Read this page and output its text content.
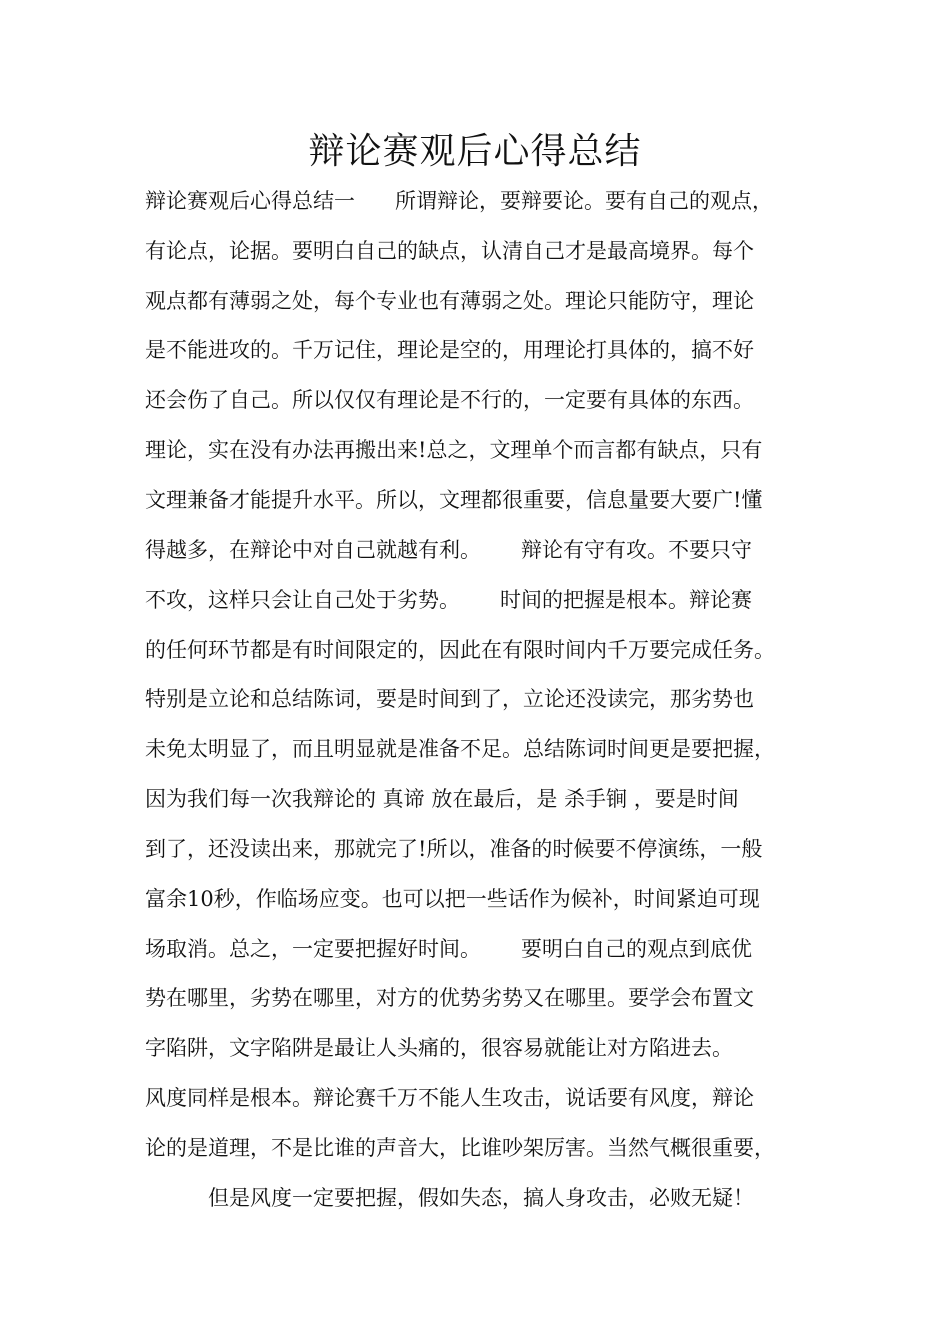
辩论赛观后心得总结

辩论赛观后心得总结一      所谓辩论，要辩要论。要有自己的观点，

有论点，论据。要明白自己的缺点，认清自己才是最高境界。每个

观点都有薄弱之处，每个专业也有薄弱之处。理论只能防守，理论

是不能进攻的。千万记住，理论是空的，用理论打具体的，搞不好

还会伤了自己。所以仅仅有理论是不行的，一定要有具体的东西。

理论，实在没有办法再搬出来!总之，文理单个而言都有缺点，只有

文理兼备才能提升水平。所以，文理都很重要，信息量要大要广!懂

得越多，在辩论中对自己就越有利。      辩论有守有攻。不要只守

不攻，这样只会让自己处于劣势。      时间的把握是根本。辩论赛

的任何环节都是有时间限定的，因此在有限时间内千万要完成任务。

特别是立论和总结陈词，要是时间到了，立论还没读完，那劣势也

未免太明显了，而且明显就是准备不足。总结陈词时间更是要把握，

因为我们每一次我辩论的 真谛 放在最后，是 杀手锏 ，要是时间

到了，还没读出来，那就完了!所以，准备的时候要不停演练，一般

富余10秒，作临场应变。也可以把一些话作为候补，时间紧迫可现

场取消。总之，一定要把握好时间。      要明白自己的观点到底优

势在哪里，劣势在哪里，对方的优势劣势又在哪里。要学会布置文

字陷阱，文字陷阱是最让人头痛的，很容易就能让对方陷进去。

风度同样是根本。辩论赛千万不能人生攻击，说话要有风度，辩论

论的是道理，不是比谁的声音大，比谁吵架厉害。当然气概很重要，

但是风度一定要把握，假如失态，搞人身攻击，必败无疑！
